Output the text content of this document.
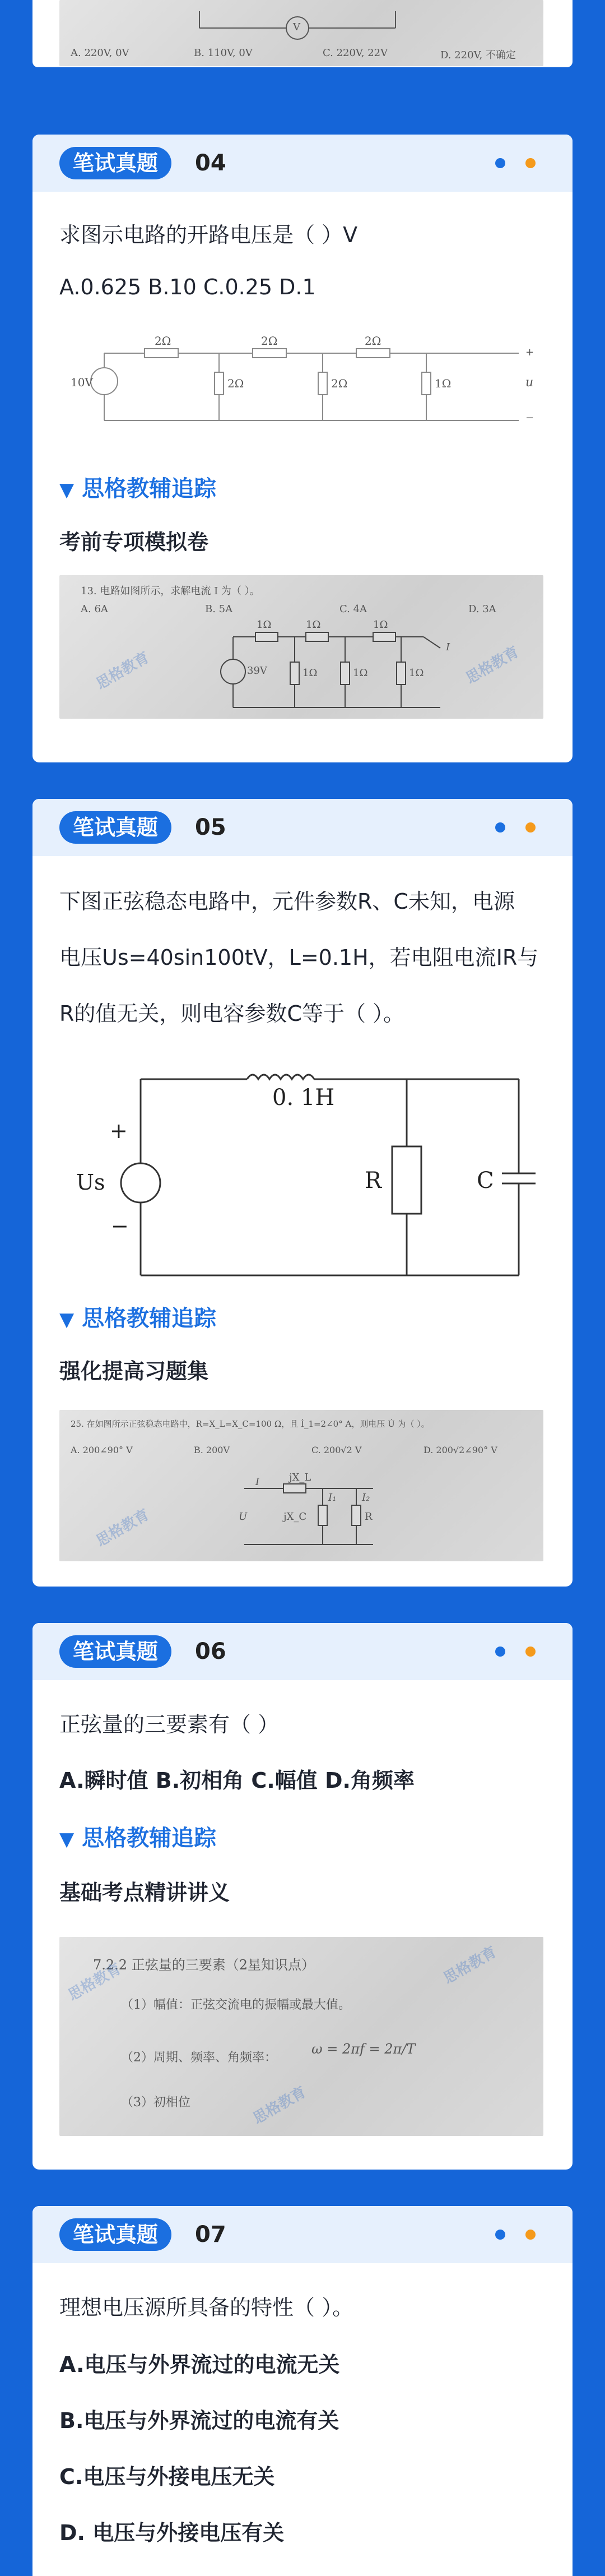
V
A. 220V, 0V	B. 110V, 0V	C. 220V, 22V	D. 220V, 不确定
笔试真题	04
求图示电路的开路电压是（ ）V
A.0.625 B.10 C.0.25 D.1
10V
2Ω	2Ω	2Ω
2Ω	2Ω	1Ω
+
u
−
▼ 思格教辅追踪
考前专项模拟卷
13. 电路如图所示，求解电流 I 为（ ）。
A. 6A	B. 5A	C. 4A	D. 3A
39V
1Ω	1Ω	1Ω
1Ω	1Ω	1Ω
I
思格教育	思格教育
笔试真题	05
下图正弦稳态电路中，元件参数R、C未知，电源
电压Us=40sin100tV，L=0.1H，若电阻电流IR与
R的值无关，则电容参数C等于（ ）。
0. 1H
Us
+
−
R	C
▼ 思格教辅追踪
强化提高习题集
25. 在如图所示正弦稳态电路中，R=X_L=X_C=100 Ω，且 İ_1=2∠0° A，则电压 U̇ 为（ ）。
A. 200∠90° V	B. 200V	C. 200√2 V	D. 200√2∠90° V
I
I₁	I₂
U	jX_C
jX_L
R
思格教育
笔试真题	06
正弦量的三要素有（ ）
A.瞬时值 B.初相角 C.幅值 D.角频率
▼ 思格教辅追踪
基础考点精讲讲义
7.2.2 正弦量的三要素（2星知识点）
（1）幅值：正弦交流电的振幅或最大值。
（2）周期、频率、角频率：
ω = 2πf = 2π/T
（3）初相位
思格教育	思格教育
思格教育
笔试真题	07
理想电压源所具备的特性（ ）。
A.电压与外界流过的电流无关
B.电压与外界流过的电流有关
C.电压与外接电压无关
D. 电压与外接电压有关
